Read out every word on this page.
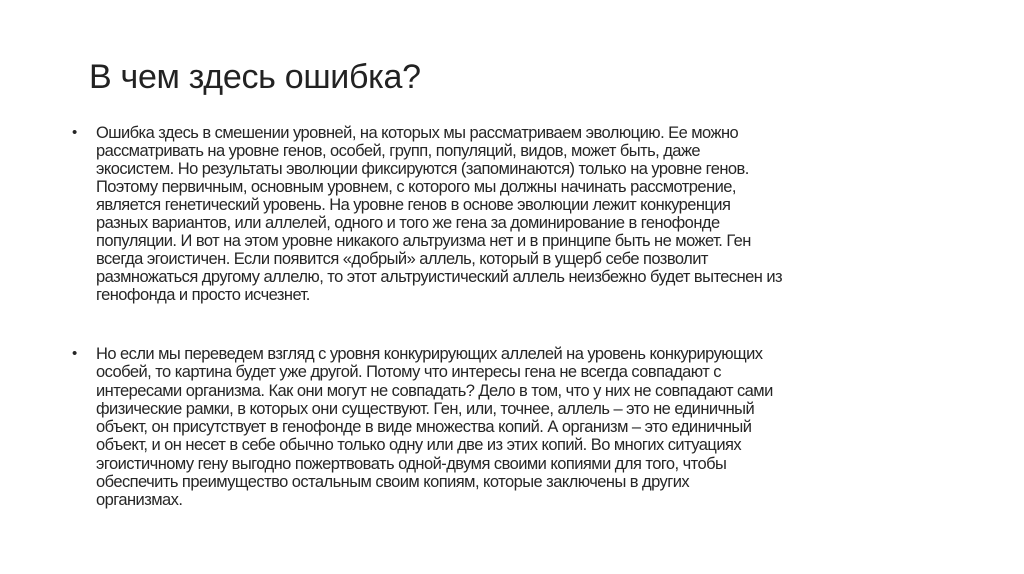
В чем здесь ошибка?
• Ошибка здесь в смешении уровней, на которых мы рассматриваем эволюцию. Ее можно
рассматривать на уровне генов, особей, групп, популяций, видов, может быть, даже
экосистем. Но результаты эволюции фиксируются (запоминаются) только на уровне генов.
Поэтому первичным, основным уровнем, с которого мы должны начинать рассмотрение,
является генетический уровень. На уровне генов в основе эволюции лежит конкуренция
разных вариантов, или аллелей, одного и того же гена за доминирование в генофонде
популяции. И вот на этом уровне никакого альтруизма нет и в принципе быть не может. Ген
всегда эгоистичен. Если появится «добрый» аллель, который в ущерб себе позволит
размножаться другому аллелю, то этот альтруистический аллель неизбежно будет вытеснен из
генофонда и просто исчезнет.
• Но если мы переведем взгляд с уровня конкурирующих аллелей на уровень конкурирующих
особей, то картина будет уже другой. Потому что интересы гена не всегда совпадают с
интересами организма. Как они могут не совпадать? Дело в том, что у них не совпадают сами
физические рамки, в которых они существуют. Ген, или, точнее, аллель – это не единичный
объект, он присутствует в генофонде в виде множества копий. А организм – это единичный
объект, и он несет в себе обычно только одну или две из этих копий. Во многих ситуациях
эгоистичному гену выгодно пожертвовать одной-двумя своими копиями для того, чтобы
обеспечить преимущество остальным своим копиям, которые заключены в других
организмах.
